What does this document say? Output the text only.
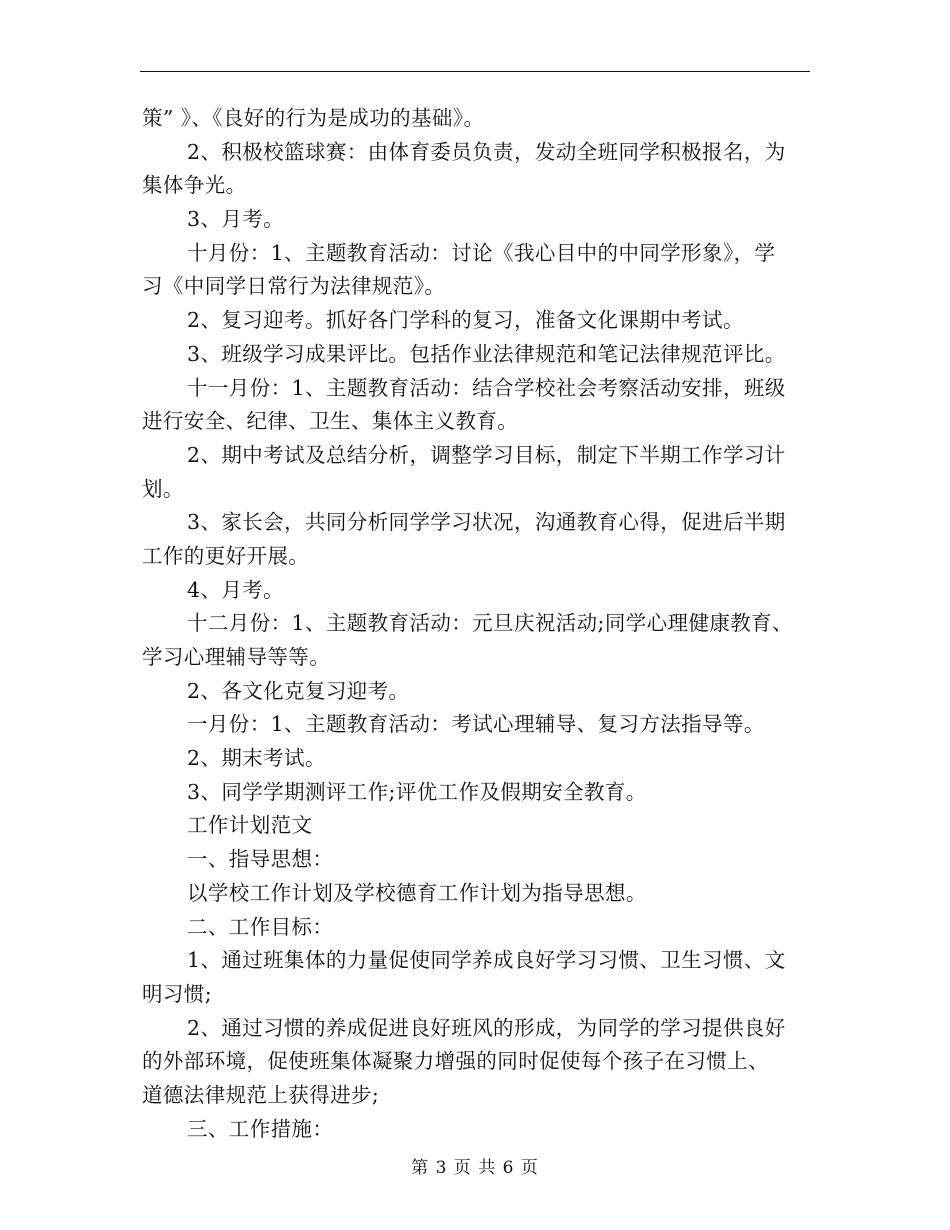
策” 》、《良好的行为是成功的基础》。
2、积极校篮球赛：由体育委员负责，发动全班同学积极报名，为
集体争光。
3、月考。
十月份：1、主题教育活动：讨论《我心目中的中同学形象》，学
习《中同学日常行为法律规范》。
2、复习迎考。抓好各门学科的复习，准备文化课期中考试。
3、班级学习成果评比。包括作业法律规范和笔记法律规范评比。
十一月份：1、主题教育活动：结合学校社会考察活动安排，班级
进行安全、纪律、卫生、集体主义教育。
2、期中考试及总结分析，调整学习目标，制定下半期工作学习计
划。
3、家长会，共同分析同学学习状况，沟通教育心得，促进后半期
工作的更好开展。
4、月考。
十二月份：1、主题教育活动：元旦庆祝活动;同学心理健康教育、
学习心理辅导等等。
2、各文化克复习迎考。
一月份：1、主题教育活动：考试心理辅导、复习方法指导等。
2、期末考试。
3、同学学期测评工作;评优工作及假期安全教育。
工作计划范文
一、指导思想：
以学校工作计划及学校德育工作计划为指导思想。
二、工作目标：
1、通过班集体的力量促使同学养成良好学习习惯、卫生习惯、文
明习惯;
2、通过习惯的养成促进良好班风的形成，为同学的学习提供良好
的外部环境，促使班集体凝聚力增强的同时促使每个孩子在习惯上、
道德法律规范上获得进步;
三、工作措施：
第 3 页 共 6 页
